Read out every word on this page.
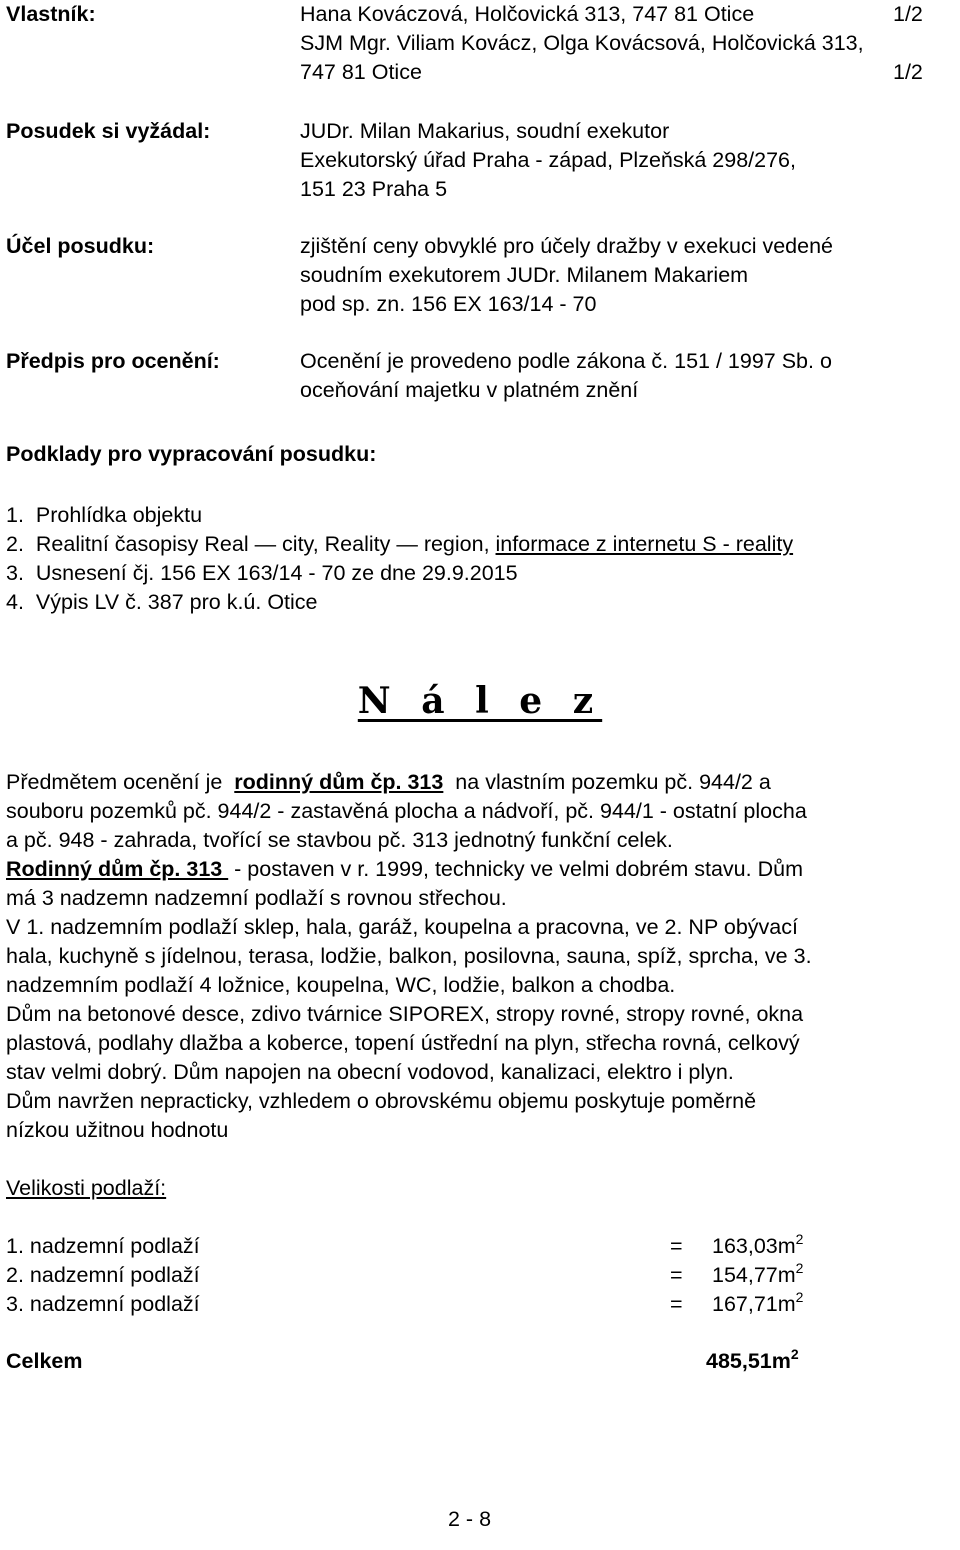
Vlastník:	Hana Kováczová, Holčovická 313, 747 81 Otice	1/2
SJM Mgr. Viliam Kovácz, Olga Kovácsová, Holčovická 313,
747 81 Otice	1/2
Posudek si vyžádal:	JUDr. Milan Makarius, soudní exekutor
Exekutorský úřad Praha - západ, Plzeňská 298/276,
151 23 Praha 5
Účel posudku:	zjištění ceny obvyklé pro účely dražby v exekuci vedené
soudním exekutorem JUDr. Milanem Makariem
pod sp. zn. 156 EX 163/14 - 70
Předpis pro ocenění:	Ocenění je provedeno podle zákona č. 151 / 1997 Sb. o
oceňování majetku v platném znění
Podklady pro vypracování posudku:
1. Prohlídka objektu
2. Realitní časopisy Real — city, Reality — region, informace z internetu S - reality
3. Usnesení čj. 156 EX 163/14 - 70 ze dne 29.9.2015
4. Výpis LV č. 387 pro k.ú. Otice
N á l e z
Předmětem ocenění je  rodinný dům čp. 313  na vlastním pozemku pč. 944/2 a
souboru pozemků pč. 944/2 - zastavěná plocha a nádvoří, pč. 944/1 - ostatní plocha
a pč. 948 - zahrada, tvořící se stavbou pč. 313 jednotný funkční celek.
Rodinný dům čp. 313  - postaven v r. 1999, technicky ve velmi dobrém stavu. Dům
má 3 nadzemn nadzemní podlaží s rovnou střechou.
V 1. nadzemním podlaží sklep, hala, garáž, koupelna a pracovna, ve 2. NP obývací
hala, kuchyně s jídelnou, terasa, lodžie, balkon, posilovna, sauna, spíž, sprcha, ve 3.
nadzemním podlaží 4 ložnice, koupelna, WC, lodžie, balkon a chodba.
Dům na betonové desce, zdivo tvárnice SIPOREX, stropy rovné, stropy rovné, okna
plastová, podlahy dlažba a koberce, topení ústřední na plyn, střecha rovná, celkový
stav velmi dobrý. Dům napojen na obecní vodovod, kanalizaci, elektro i plyn.
Dům navržen nepracticky, vzhledem o obrovskému objemu poskytuje poměrně
nízkou užitnou hodnotu
Velikosti podlaží:
1. nadzemní podlaží	= $163,03m^2$
2. nadzemní podlaží	= $154,77m^2$
3. nadzemní podlaží	= $167,71m^2$
Celkem	$485,51m^2$
2 - 8
